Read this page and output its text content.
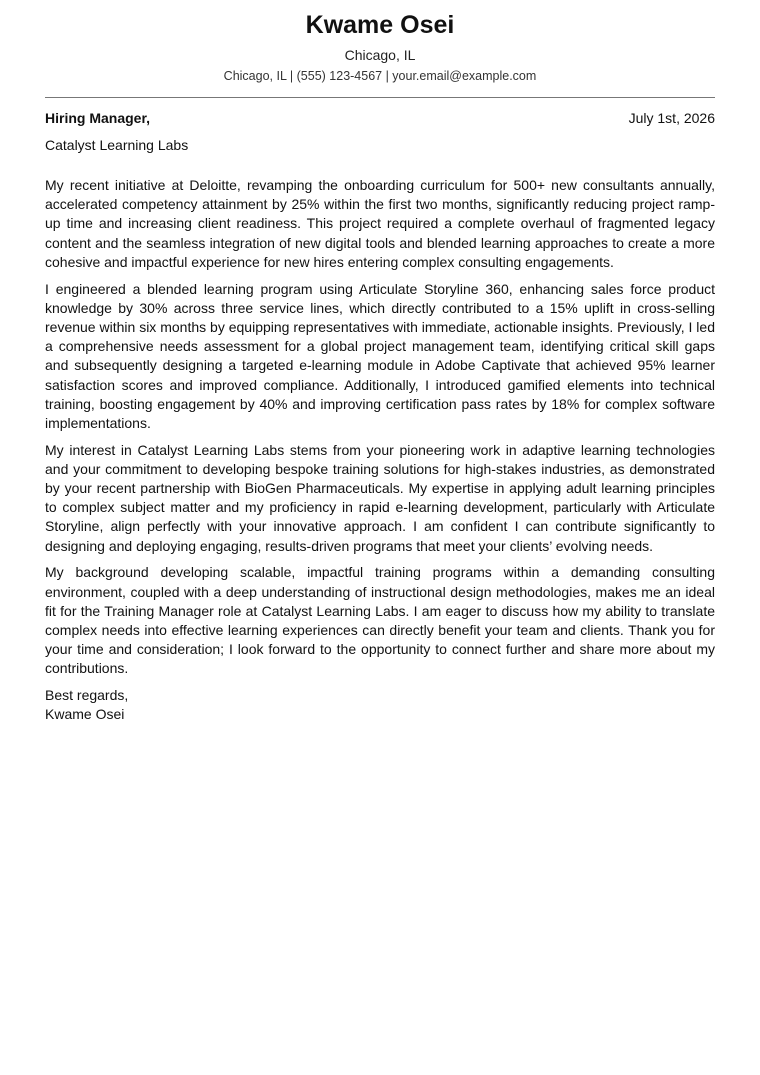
Kwame Osei
Chicago, IL
Chicago, IL | (555) 123-4567 | your.email@example.com
Hiring Manager,	July 1st, 2026
Catalyst Learning Labs

My recent initiative at Deloitte, revamping the onboarding curriculum for 500+ new consultants annually, accelerated competency attainment by 25% within the first two months, significantly reducing project ramp-up time and increasing client readiness. This project required a complete overhaul of fragmented legacy content and the seamless integration of new digital tools and blended learning approaches to create a more cohesive and impactful experience for new hires entering complex consulting engagements.

I engineered a blended learning program using Articulate Storyline 360, enhancing sales force product knowledge by 30% across three service lines, which directly contributed to a 15% uplift in cross-selling revenue within six months by equipping representatives with immediate, actionable insights. Previously, I led a comprehensive needs assessment for a global project management team, identifying critical skill gaps and subsequently designing a targeted e-learning module in Adobe Captivate that achieved 95% learner satisfaction scores and improved compliance. Additionally, I introduced gamified elements into technical training, boosting engagement by 40% and improving certification pass rates by 18% for complex software implementations.

My interest in Catalyst Learning Labs stems from your pioneering work in adaptive learning technologies and your commitment to developing bespoke training solutions for high-stakes industries, as demonstrated by your recent partnership with BioGen Pharmaceuticals. My expertise in applying adult learning principles to complex subject matter and my proficiency in rapid e-learning development, particularly with Articulate Storyline, align perfectly with your innovative approach. I am confident I can contribute significantly to designing and deploying engaging, results-driven programs that meet your clients’ evolving needs.

My background developing scalable, impactful training programs within a demanding consulting environment, coupled with a deep understanding of instructional design methodologies, makes me an ideal fit for the Training Manager role at Catalyst Learning Labs. I am eager to discuss how my ability to translate complex needs into effective learning experiences can directly benefit your team and clients. Thank you for your time and consideration; I look forward to the opportunity to connect further and share more about my contributions.

Best regards,
Kwame Osei
